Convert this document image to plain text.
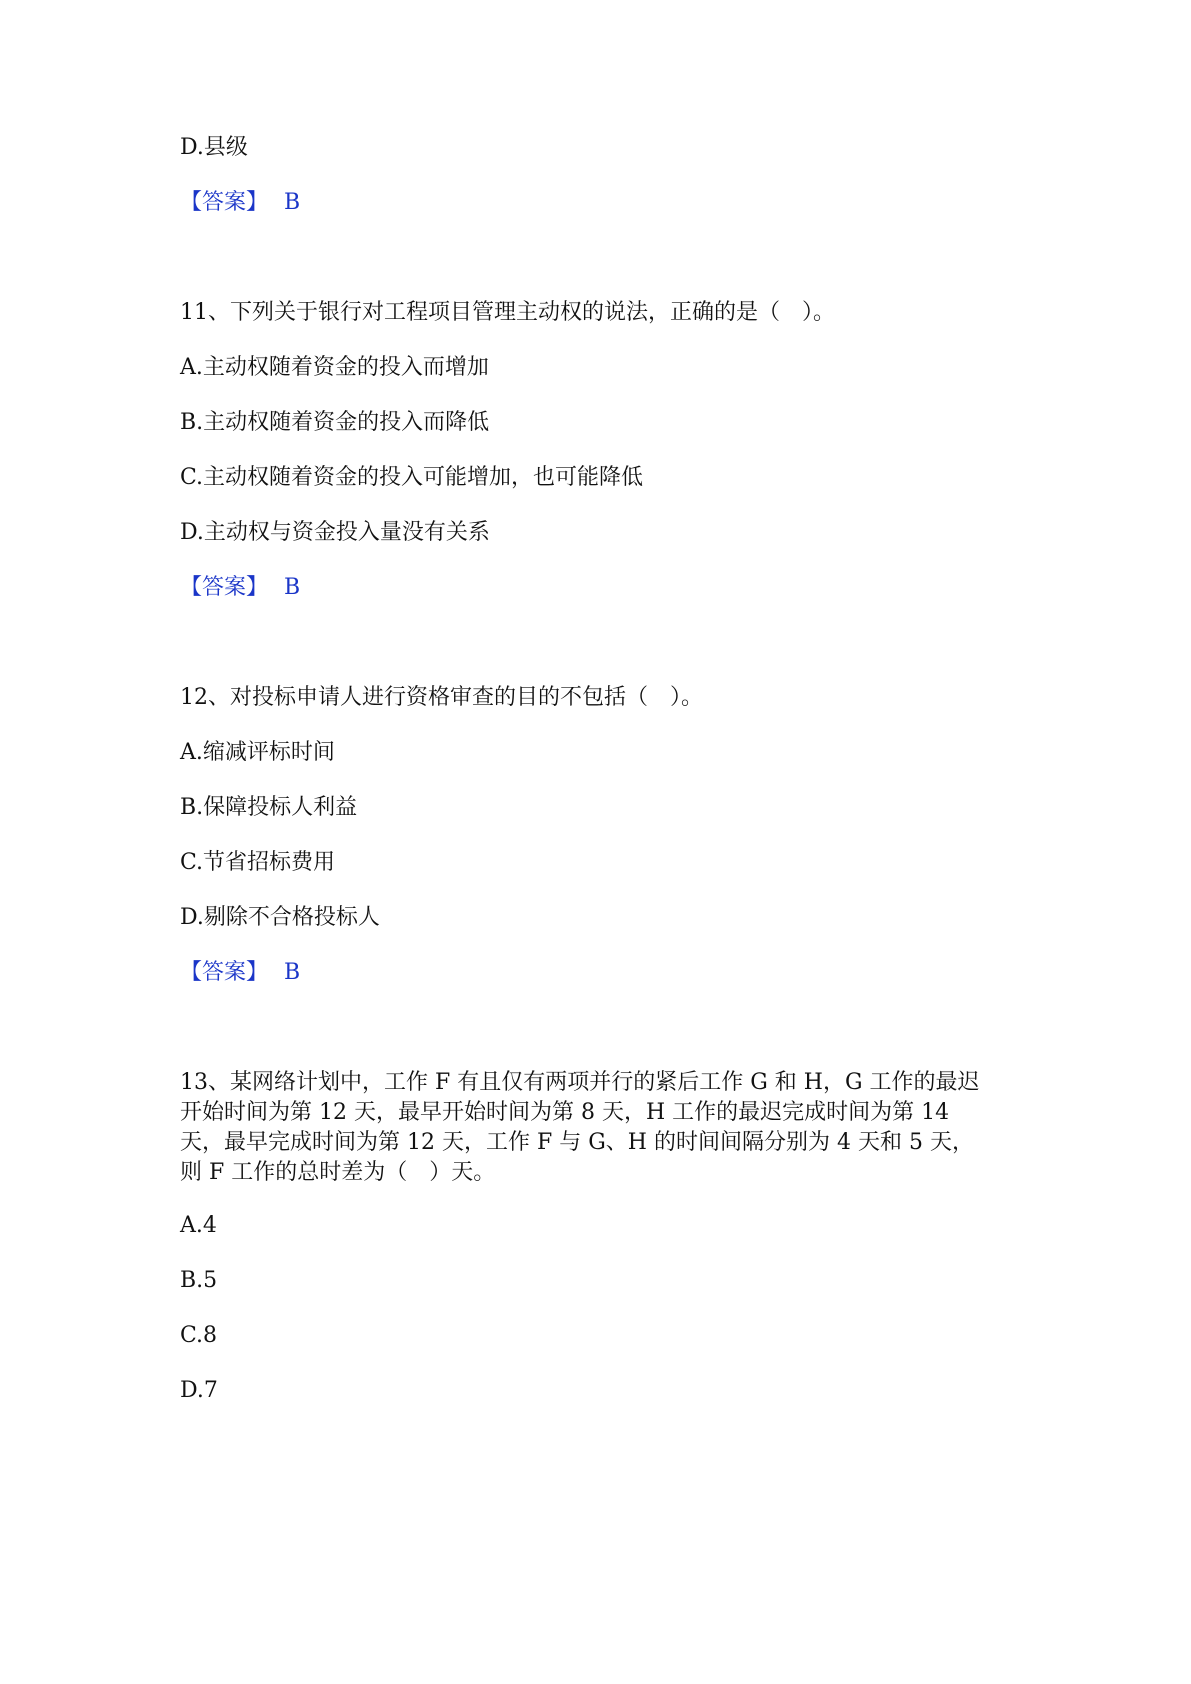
D.县级
【答案】 B
11、下列关于银行对工程项目管理主动权的说法，正确的是（　）。
A.主动权随着资金的投入而增加
B.主动权随着资金的投入而降低
C.主动权随着资金的投入可能增加，也可能降低
D.主动权与资金投入量没有关系
【答案】 B
12、对投标申请人进行资格审查的目的不包括（　）。
A.缩减评标时间
B.保障投标人利益
C.节省招标费用
D.剔除不合格投标人
【答案】 B
13、某网络计划中，工作 F 有且仅有两项并行的紧后工作 G 和 H，G 工作的最迟
开始时间为第 12 天，最早开始时间为第 8 天，H 工作的最迟完成时间为第 14
天，最早完成时间为第 12 天，工作 F 与 G、H 的时间间隔分别为 4 天和 5 天，
则 F 工作的总时差为（　）天。
A.4
B.5
C.8
D.7
